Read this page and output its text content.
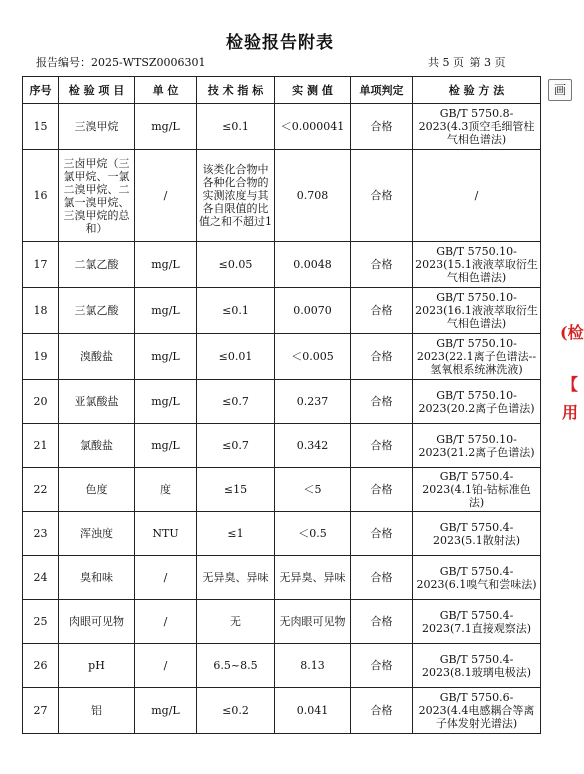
检验报告附表
报告编号：2025-WTSZ0006301	共 5 页 第 3 页
画
(检
【
用
序号	检 验 项 目	单 位	技 术 指 标	实 测 值	单项判定	检 验 方 法
15	三溴甲烷	mg/L	≤0.1	＜0.000041	合格	GB/T 5750.8-2023(4.3顶空毛细管柱气相色谱法)
16	三卤甲烷（三氯甲烷、一氯二溴甲烷、二氯一溴甲烷、三溴甲烷的总和）	/	该类化合物中各种化合物的实测浓度与其各自限值的比值之和不超过1	0.708	合格	/
17	二氯乙酸	mg/L	≤0.05	0.0048	合格	GB/T 5750.10-2023(15.1液液萃取衍生气相色谱法)
18	三氯乙酸	mg/L	≤0.1	0.0070	合格	GB/T 5750.10-2023(16.1液液萃取衍生气相色谱法)
19	溴酸盐	mg/L	≤0.01	＜0.005	合格	GB/T 5750.10-2023(22.1离子色谱法--氢氧根系统淋洗液)
20	亚氯酸盐	mg/L	≤0.7	0.237	合格	GB/T 5750.10-2023(20.2离子色谱法)
21	氯酸盐	mg/L	≤0.7	0.342	合格	GB/T 5750.10-2023(21.2离子色谱法)
22	色度	度	≤15	＜5	合格	GB/T 5750.4-2023(4.1铂-钴标准色法)
23	浑浊度	NTU	≤1	＜0.5	合格	GB/T 5750.4-2023(5.1散射法)
24	臭和味	/	无异臭、异味	无异臭、异味	合格	GB/T 5750.4-2023(6.1嗅气和尝味法)
25	肉眼可见物	/	无	无肉眼可见物	合格	GB/T 5750.4-2023(7.1直接观察法)
26	pH	/	6.5~8.5	8.13	合格	GB/T 5750.4-2023(8.1玻璃电极法)
27	铝	mg/L	≤0.2	0.041	合格	GB/T 5750.6-2023(4.4电感耦合等离子体发射光谱法)
